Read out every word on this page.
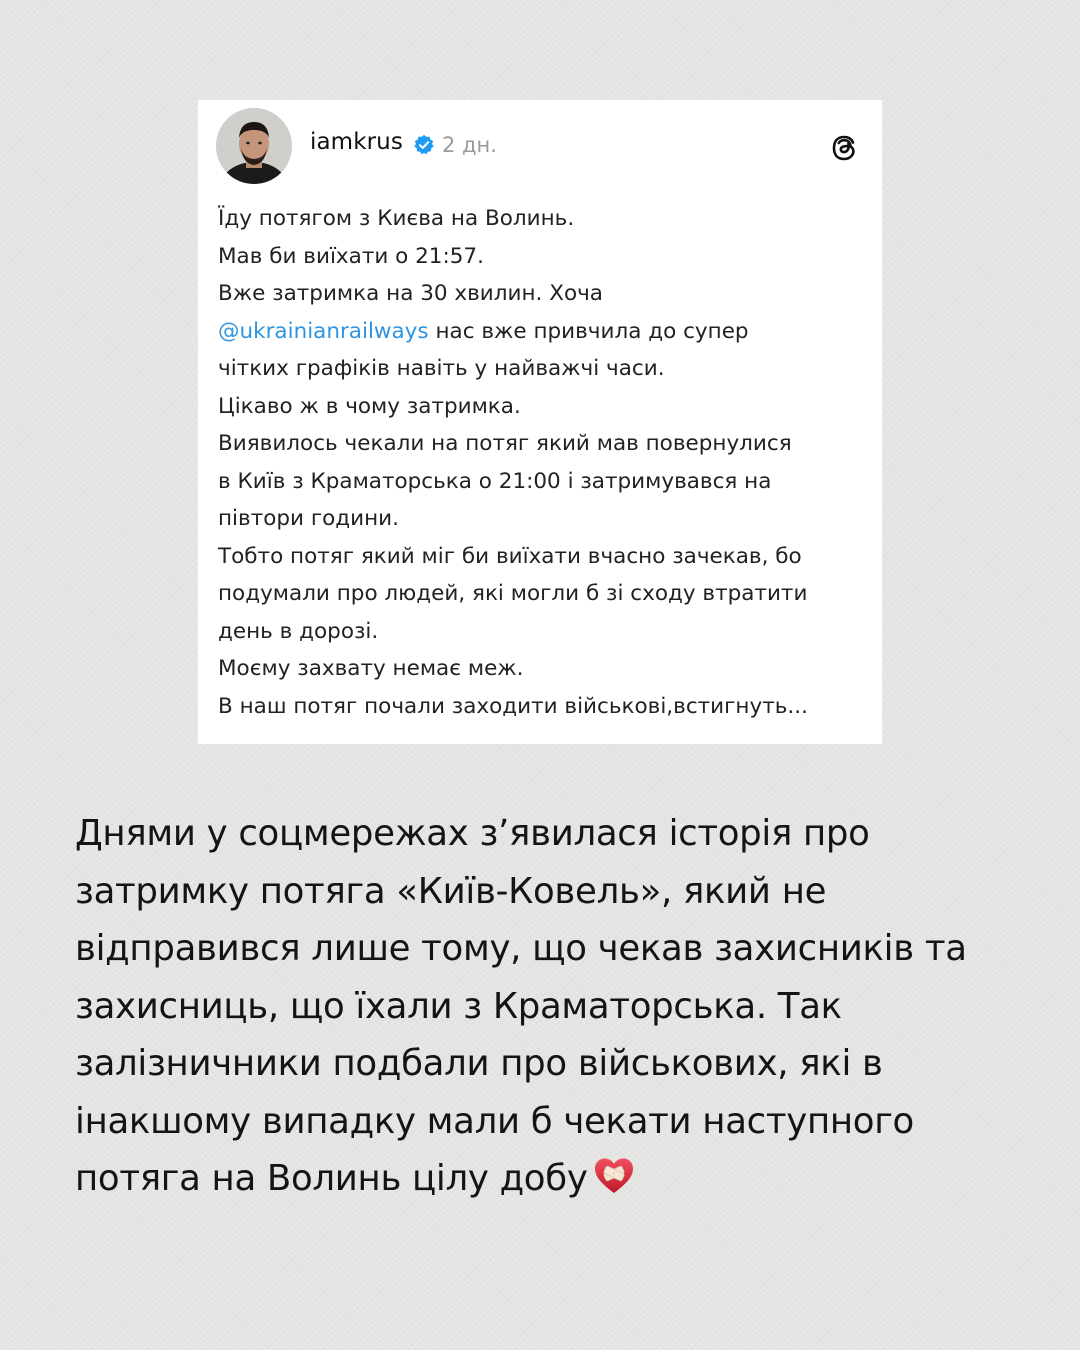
iamkrus 2 дн.

Їду потягом з Києва на Волинь.

Мав би виїхати о 21:57.

Вже затримка на 30 хвилин. Хоча

@ukrainianrailways нас вже привчила до супер

чітких графіків навіть у найважчі часи.

Цікаво ж в чому затримка.

Виявилось чекали на потяг який мав повернулися

в Київ з Краматорська о 21:00 і затримувався на

півтори години.

Тобто потяг який міг би виїхати вчасно зачекав, бо

подумали про людей, які могли б зі сходу втратити

день в дорозі.

Моєму захвату немає меж.

В наш потяг почали заходити військові,встигнуть...

Днями у соцмережах з’явилася історія про
затримку потяга «Київ-Ковель», який не
відправився лише тому, що чекав захисників та
захисниць, що їхали з Краматорська. Так
залізничники подбали про військових, які в
інакшому випадку мали б чекати наступного
потяга на Волинь цілу добу
